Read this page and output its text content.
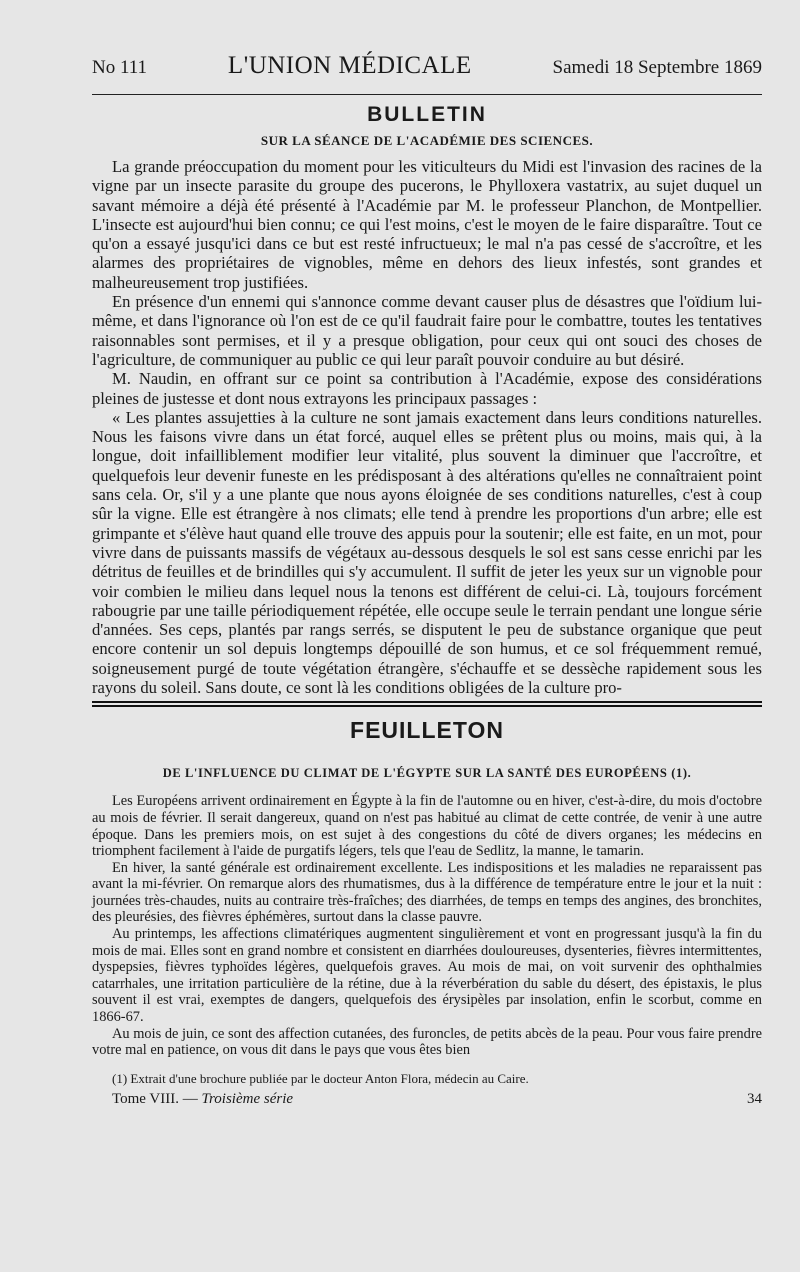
No 111	L'UNION MÉDICALE	Samedi 18 Septembre 1869
BULLETIN
SUR LA SÉANCE DE L'ACADÉMIE DES SCIENCES.

La grande préoccupation du moment pour les viticulteurs du Midi est l'invasion des racines de la vigne par un insecte parasite du groupe des pucerons, le Phylloxera vastatrix, au sujet duquel un savant mémoire a déjà été présenté à l'Académie par M. le professeur Planchon, de Montpellier. L'insecte est aujourd'hui bien connu; ce qui l'est moins, c'est le moyen de le faire disparaître. Tout ce qu'on a essayé jusqu'ici dans ce but est resté infructueux; le mal n'a pas cessé de s'accroître, et les alarmes des propriétaires de vignobles, même en dehors des lieux infestés, sont grandes et malheureusement trop justifiées.

En présence d'un ennemi qui s'annonce comme devant causer plus de désastres que l'oïdium lui-même, et dans l'ignorance où l'on est de ce qu'il faudrait faire pour le combattre, toutes les tentatives raisonnables sont permises, et il y a presque obligation, pour ceux qui ont souci des choses de l'agriculture, de communiquer au public ce qui leur paraît pouvoir conduire au but désiré.

M. Naudin, en offrant sur ce point sa contribution à l'Académie, expose des considérations pleines de justesse et dont nous extrayons les principaux passages :

« Les plantes assujetties à la culture ne sont jamais exactement dans leurs conditions naturelles. Nous les faisons vivre dans un état forcé, auquel elles se prêtent plus ou moins, mais qui, à la longue, doit infailliblement modifier leur vitalité, plus souvent la diminuer que l'accroître, et quelquefois leur devenir funeste en les prédisposant à des altérations qu'elles ne connaîtraient point sans cela. Or, s'il y a une plante que nous ayons éloignée de ses conditions naturelles, c'est à coup sûr la vigne. Elle est étrangère à nos climats; elle tend à prendre les proportions d'un arbre; elle est grimpante et s'élève haut quand elle trouve des appuis pour la soutenir; elle est faite, en un mot, pour vivre dans de puissants massifs de végétaux au-dessous desquels le sol est sans cesse enrichi par les détritus de feuilles et de brindilles qui s'y accumulent. Il suffit de jeter les yeux sur un vignoble pour voir combien le milieu dans lequel nous la tenons est différent de celui-ci. Là, toujours forcément rabougrie par une taille périodiquement répétée, elle occupe seule le terrain pendant une longue série d'années. Ses ceps, plantés par rangs serrés, se disputent le peu de substance organique que peut encore contenir un sol depuis longtemps dépouillé de son humus, et ce sol fréquemment remué, soigneusement purgé de toute végétation étrangère, s'échauffe et se dessèche rapidement sous les rayons du soleil. Sans doute, ce sont là les conditions obligées de la culture pro-

FEUILLETON
DE L'INFLUENCE DU CLIMAT DE L'ÉGYPTE SUR LA SANTÉ DES EUROPÉENS (1).

Les Européens arrivent ordinairement en Égypte à la fin de l'automne ou en hiver, c'est-à-dire, du mois d'octobre au mois de février. Il serait dangereux, quand on n'est pas habitué au climat de cette contrée, de venir à une autre époque. Dans les premiers mois, on est sujet à des congestions du côté de divers organes; les médecins en triomphent facilement à l'aide de purgatifs légers, tels que l'eau de Sedlitz, la manne, le tamarin.

En hiver, la santé générale est ordinairement excellente. Les indispositions et les maladies ne reparaissent pas avant la mi-février. On remarque alors des rhumatismes, dus à la différence de température entre le jour et la nuit : journées très-chaudes, nuits au contraire très-fraîches; des diarrhées, de temps en temps des angines, des bronchites, des pleurésies, des fièvres éphémères, surtout dans la classe pauvre.

Au printemps, les affections climatériques augmentent singulièrement et vont en progressant jusqu'à la fin du mois de mai. Elles sont en grand nombre et consistent en diarrhées douloureuses, dysenteries, fièvres intermittentes, dyspepsies, fièvres typhoïdes légères, quelquefois graves. Au mois de mai, on voit survenir des ophthalmies catarrhales, une irritation particulière de la rétine, due à la réverbération du sable du désert, des épistaxis, le plus souvent il est vrai, exemptes de dangers, quelquefois des érysipèles par insolation, enfin le scorbut, comme en 1866-67.

Au mois de juin, ce sont des affection cutanées, des furoncles, de petits abcès de la peau. Pour vous faire prendre votre mal en patience, on vous dit dans le pays que vous êtes bien

(1) Extrait d'une brochure publiée par le docteur Anton Flora, médecin au Caire.
Tome VIII. — Troisième série	34
